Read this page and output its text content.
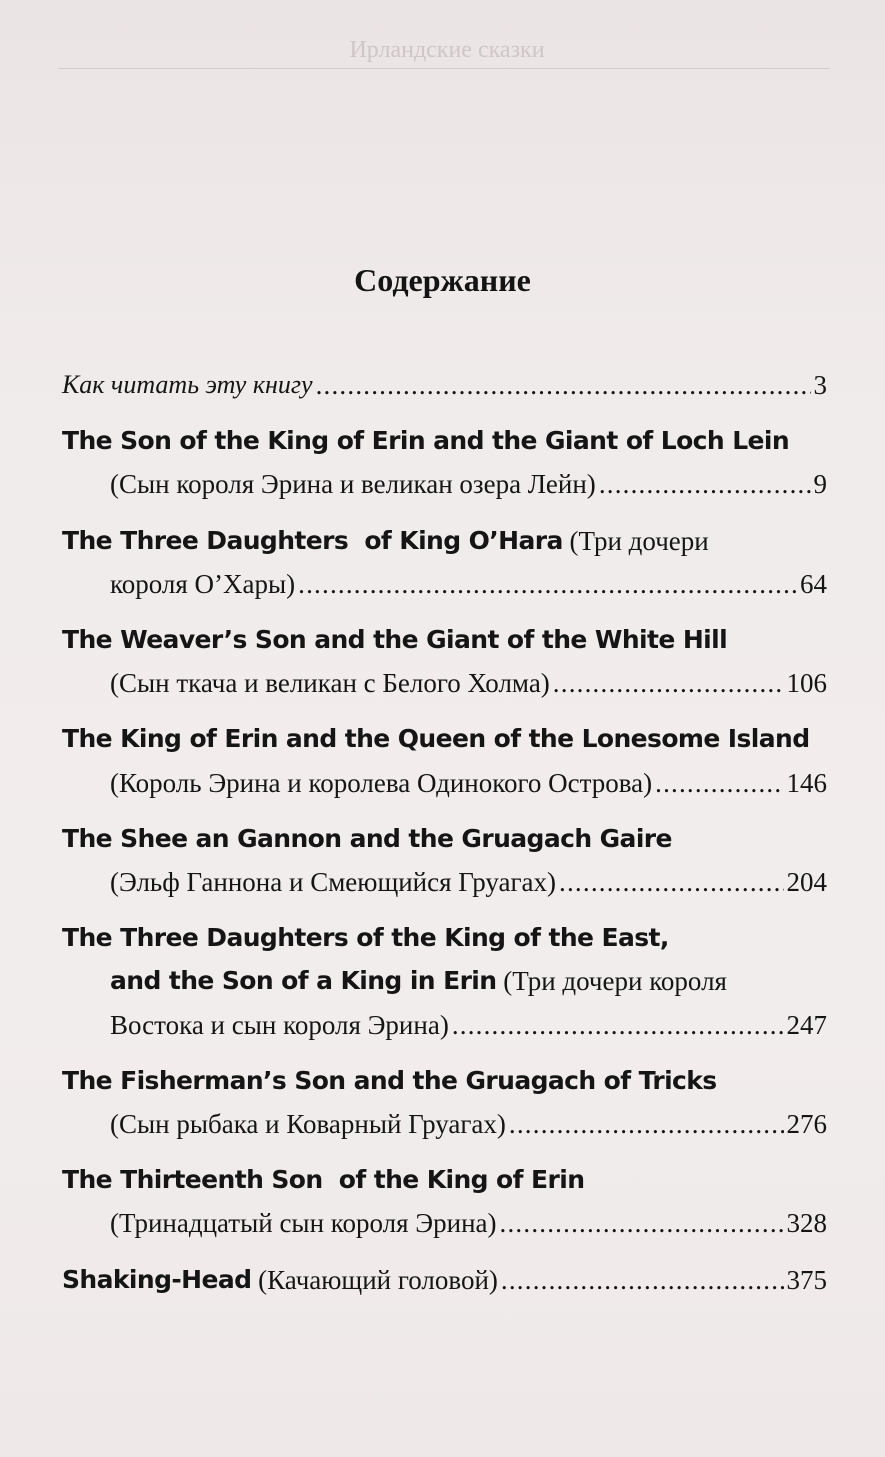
Ирландские сказки
Содержание
Как читать эту книгу .....	3
The Son of the King of Erin and the Giant of Loch Lein
(Сын короля Эрина и великан озера Лейн) .....	9
The Three Daughters  of King O’Hara (Три дочери
короля О’Хары) .....	64
The Weaver’s Son and the Giant of the White Hill
(Сын ткача и великан с Белого Холма) .....	106
The King of Erin and the Queen of the Lonesome Island
(Король Эрина и королева Одинокого Острова) .....	146
The Shee an Gannon and the Gruagach Gaire
(Эльф Ганнона и Смеющийся Груагах) .....	204
The Three Daughters of the King of the East,
and the Son of a King in Erin (Три дочери короля
Востока и сын короля Эрина) .....	247
The Fisherman’s Son and the Gruagach of Tricks
(Сын рыбака и Коварный Груагах) .....	276
The Thirteenth Son  of the King of Erin
(Тринадцатый сын короля Эрина) .....	328
Shaking-Head (Качающий головой) .....	375
